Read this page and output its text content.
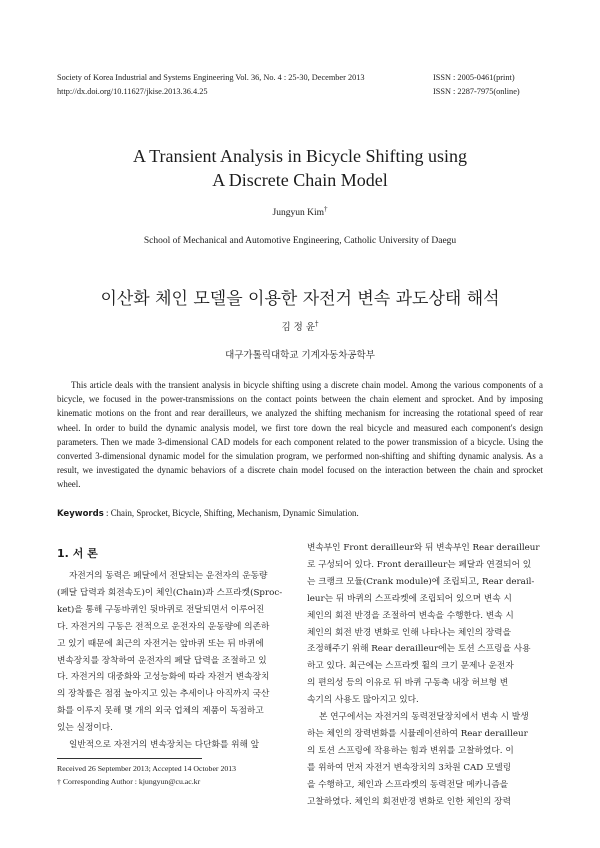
Society of Korea Industrial and Systems Engineering Vol. 36, No. 4 : 25-30, December 2013
http://dx.doi.org/10.11627/jkise.2013.36.4.25
ISSN : 2005-0461(print)
ISSN : 2287-7975(online)
A Transient Analysis in Bicycle Shifting using
A Discrete Chain Model
Jungyun Kim†
School of Mechanical and Automotive Engineering, Catholic University of Daegu
이산화 체인 모델을 이용한 자전거 변속 과도상태 해석
김 정 윤†
대구가톨릭대학교 기계자동차공학부
This article deals with the transient analysis in bicycle shifting using a discrete chain model. Among the various components of a bicycle, we focused in the power-transmissions on the contact points between the chain element and sprocket. And by imposing kinematic motions on the front and rear derailleurs, we analyzed the shifting mechanism for increasing the rotational speed of rear wheel. In order to build the dynamic analysis model, we first tore down the real bicycle and measured each component's design parameters. Then we made 3-dimensional CAD models for each component related to the power transmission of a bicycle. Using the converted 3-dimensional dynamic model for the simulation program, we performed non-shifting and shifting dynamic analysis. As a result, we investigated the dynamic behaviors of a discrete chain model focused on the interaction between the chain and sprocket wheel.
Keywords : Chain, Sprocket, Bicycle, Shifting, Mechanism, Dynamic Simulation.
1. 서 론
자전거의 동력은 페달에서 전달되는 운전자의 운동량
(페달 답력과 회전속도)이 체인(Chain)과 스프라켓(Sproc-
ket)을 통해 구동바퀴인 뒷바퀴로 전달되면서 이루어진
다. 자전거의 구동은 전적으로 운전자의 운동량에 의존하
고 있기 때문에 최근의 자전거는 앞바퀴 또는 뒤 바퀴에
변속장치를 장착하여 운전자의 페달 답력을 조절하고 있
다. 자전거의 대중화와 고성능화에 따라 자전거 변속장치
의 장착률은 점점 높아지고 있는 추세이나 아직까지 국산
화를 이루지 못해 몇 개의 외국 업체의 제품이 독점하고
있는 실정이다.
일반적으로 자전거의 변속장치는 다단화를 위해 앞
변속부인 Front derailleur와 뒤 변속부인 Rear derailleur
로 구성되어 있다. Front derailleur는 페달과 연결되어 있
는 크랭크 모듈(Crank module)에 조립되고, Rear derail-
leur는 뒤 바퀴의 스프라켓에 조립되어 있으며 변속 시
체인의 회전 반경을 조절하여 변속을 수행한다. 변속 시
체인의 회전 반경 변화로 인해 나타나는 체인의 장력을
조정해주기 위해 Rear derailleur에는 토션 스프링을 사용
하고 있다. 최근에는 스프라켓 휠의 크기 문제나 운전자
의 편의성 등의 이유로 뒤 바퀴 구동축 내장 허브형 변
속기의 사용도 많아지고 있다.
본 연구에서는 자전거의 동력전달장치에서 변속 시 발생
하는 체인의 장력변화를 시뮬레이션하여 Rear derailleur
의 토션 스프링에 작용하는 힘과 변위를 고찰하였다. 이
를 위하여 먼저 자전거 변속장치의 3차원 CAD 모델링
을 수행하고, 체인과 스프라켓의 동력전달 메카니즘을
고찰하였다. 체인의 회전반경 변화로 인한 체인의 장력
Received 26 September 2013; Accepted 14 October 2013
† Corresponding Author : kjungyun@cu.ac.kr
